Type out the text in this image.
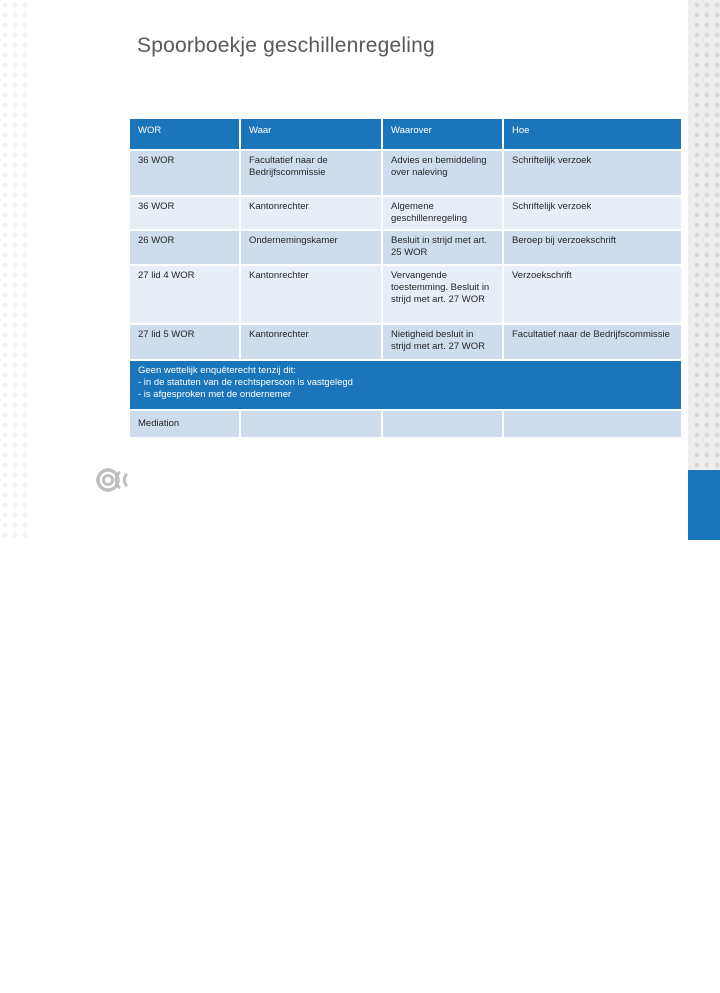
4
Spoorboekje geschillenregeling
WOR	Waar	Waarover	Hoe
36 WOR	Facultatief naar de Bedrijfscommissie	Advies en bemiddeling over naleving	Schriftelijk verzoek
36 WOR	Kantonrechter	Algemene geschillenregeling	Schriftelijk verzoek
26 WOR	Ondernemingskamer	Besluit in strijd met art. 25 WOR	Beroep bij verzoekschrift
27 lid 4 WOR	Kantonrechter	Vervangende toestemming. Besluit in strijd met art. 27 WOR	Verzoekschrift
27 lid 5 WOR	Kantonrechter	Nietigheid besluit in strijd met art. 27 WOR	Facultatief naar de Bedrijfscommissie

Geen wettelijk enquêterecht tenzij dit:
- in de statuten van de rechtspersoon is vastgelegd
- is afgesproken met de ondernemer			

Mediation			
